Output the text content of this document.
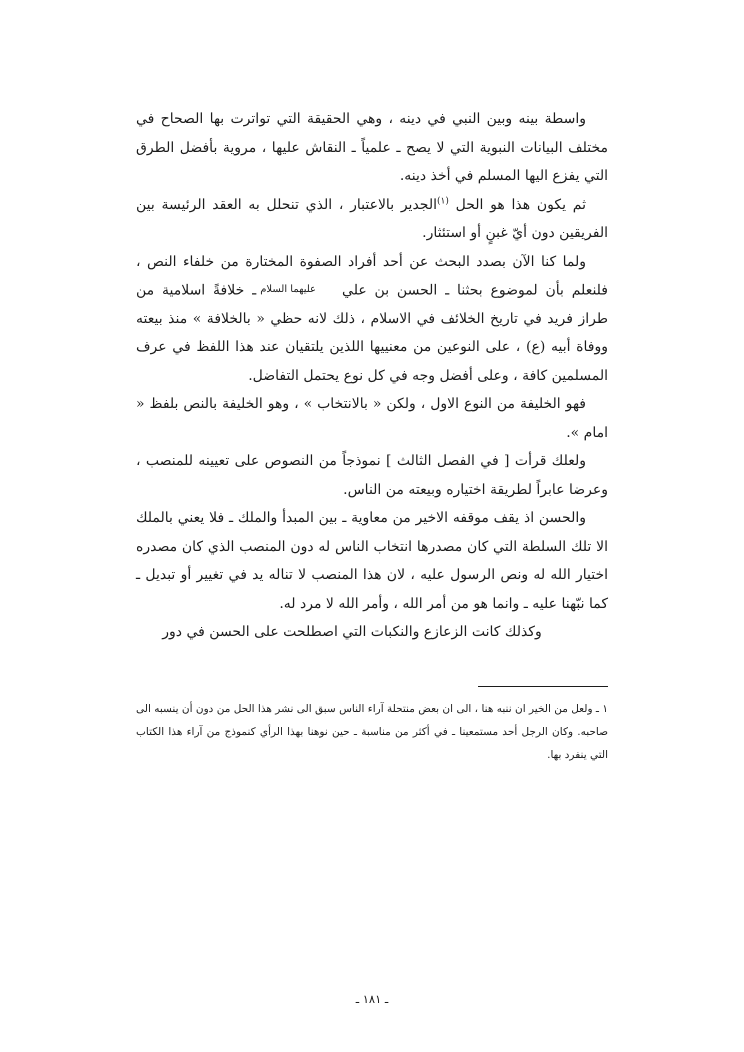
واسطة بينه وبين النبي في دينه ، وهي الحقيقة التي تواترت بها الصحاح في مختلف البيانات النبوية التي لا يصح ـ علمياً ـ النقاش عليها ، مروية بأفضل الطرق التي يفزع اليها المسلم في أخذ دينه.

ثم يكون هذا هو الحل $^{(١)}$الجدير بالاعتبار ، الذي تنحلل به العقد الرئيسة بين الفريقين دون أيّ غبنٍ أو استئثار.

ولما كنا الآن بصدد البحث عن أحد أفراد الصفوة المختارة من خلفاء النص ، فلنعلم بأن لموضوع بحثنا ـ الحسن بن عليعليهما السلامـ خلافةً اسلامية من طراز فريد في تاريخ الخلائف في الاسلام ، ذلك لانه حظي « بالخلافة » منذ بيعته ووفاة أبيه (ع) ، على النوعين من معنييها اللذين يلتقيان عند هذا اللفظ في عرف المسلمين كافة ، وعلى أفضل وجه في كل نوع يحتمل التفاضل.

فهو الخليفة من النوع الاول ، ولكن « بالانتخاب » ، وهو الخليفة بالنص بلفظ « امام ».

ولعلك قرأت [ في الفصل الثالث ] نموذجاً من النصوص على تعيينه للمنصب ، وعرضا عابراً لطريقة اختياره وبيعته من الناس.

والحسن اذ يقف موقفه الاخير من معاوية ـ بين المبدأ والملك ـ فلا يعني بالملك الا تلك السلطة التي كان مصدرها انتخاب الناس له دون المنصب الذي كان مصدره اختيار الله له ونص الرسول عليه ، لان هذا المنصب لا تناله يد في تغيير أو تبديل ـ كما نبّهنا عليه ـ وانما هو من أمر الله ، وأمر الله لا مرد له.

وكذلك كانت الزعازع والنكبات التي اصطلحت على الحسن في دور

١ ـ ولعل من الخير ان ننبه هنا ، الى ان بعض منتحلة آراء الناس سبق الى نشر هذا الحل من دون أن ينسبه الى صاحبه. وكان الرجل أحد مستمعينا ـ في أكثر من مناسبة ـ حين نوهنا بهذا الرأي كنموذج من آراء هذا الكتاب التي ينفرد بها.

ـ ١٨١ ـ
